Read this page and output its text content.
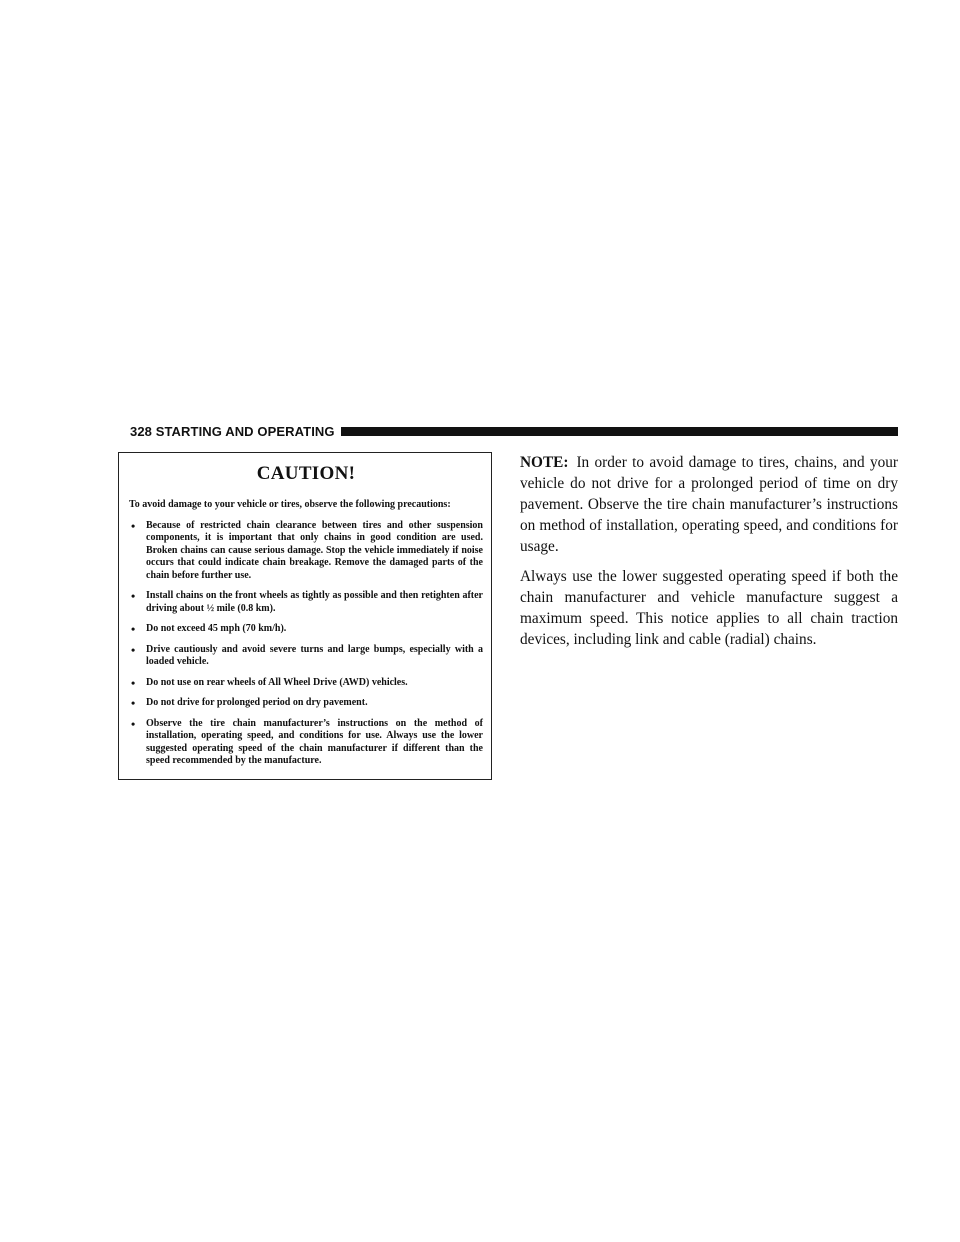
328 STARTING AND OPERATING
CAUTION!

To avoid damage to your vehicle or tires, observe the following precautions:

• Because of restricted chain clearance between tires and other suspension components, it is important that only chains in good condition are used. Broken chains can cause serious damage. Stop the vehicle immediately if noise occurs that could indicate chain breakage. Remove the damaged parts of the chain before further use.
• Install chains on the front wheels as tightly as possible and then retighten after driving about ½ mile (0.8 km).
• Do not exceed 45 mph (70 km/h).
• Drive cautiously and avoid severe turns and large bumps, especially with a loaded vehicle.
• Do not use on rear wheels of All Wheel Drive (AWD) vehicles.
• Do not drive for prolonged period on dry pavement.
• Observe the tire chain manufacturer’s instructions on the method of installation, operating speed, and conditions for use. Always use the lower suggested operating speed of the chain manufacturer if different than the speed recommended by the manufacture.

NOTE: In order to avoid damage to tires, chains, and your vehicle do not drive for a prolonged period of time on dry pavement. Observe the tire chain manufacturer’s instructions on method of installation, operating speed, and conditions for usage.

Always use the lower suggested operating speed if both the chain manufacturer and vehicle manufacture suggest a maximum speed. This notice applies to all chain traction devices, including link and cable (radial) chains.
